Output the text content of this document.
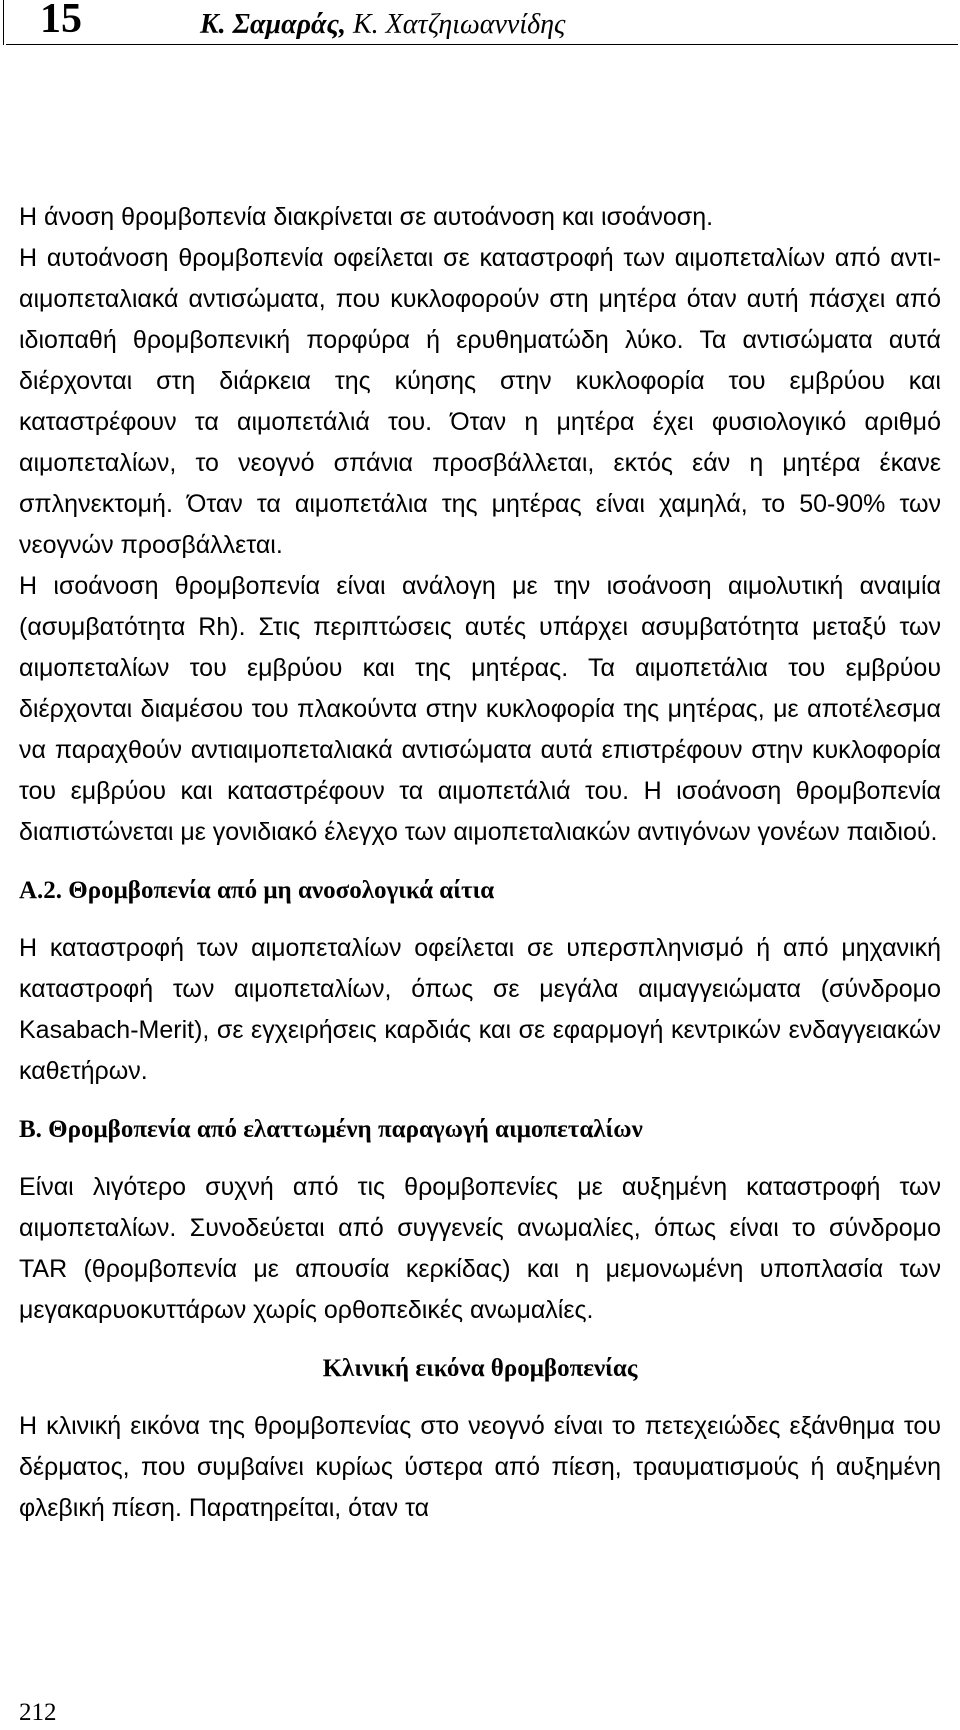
15	Κ. Σαμαράς, Κ. Χατζηιωαννίδης

Η άνοση θρομβοπενία διακρίνεται σε αυτοάνοση και ισοάνοση.

Η αυτοάνοση θρομβοπενία οφείλεται σε καταστροφή των αιμοπεταλίων από αντι-αιμοπεταλιακά αντισώματα, που κυκλοφορούν στη μητέρα όταν αυτή πάσχει από ιδιοπαθή θρομβοπενική πορφύρα ή ερυθηματώδη λύκο. Τα αντισώματα αυτά διέρχονται στη διάρκεια της κύησης στην κυκλοφορία του εμβρύου και καταστρέφουν τα αιμοπετάλιά του. Όταν η μητέρα έχει φυσιολογικό αριθμό αιμοπεταλίων, το νεογνό σπάνια προσβάλλεται, εκτός εάν η μητέρα έκανε σπληνεκτομή. Όταν τα αιμοπετάλια της μητέρας είναι χαμηλά, το 50-90% των νεογνών προσβάλλεται.

Η ισοάνοση θρομβοπενία είναι ανάλογη με την ισοάνοση αιμολυτική αναιμία (ασυμβατότητα Rh). Στις περιπτώσεις αυτές υπάρχει ασυμβατότητα μεταξύ των αιμοπεταλίων του εμβρύου και της μητέρας. Τα αιμοπετάλια του εμβρύου διέρχονται διαμέσου του πλακούντα στην κυκλοφορία της μητέρας, με αποτέλεσμα να παραχθούν αντιαιμοπεταλιακά αντισώματα αυτά επιστρέφουν στην κυκλοφορία του εμβρύου και καταστρέφουν τα αιμοπετάλιά του. Η ισοάνοση θρομβοπενία διαπιστώνεται με γονιδιακό έλεγχο των αιμοπεταλιακών αντιγόνων γονέων παιδιού.

Α.2. Θρομβοπενία από μη ανοσολογικά αίτια

Η καταστροφή των αιμοπεταλίων οφείλεται σε υπερσπληνισμό ή από μηχανική καταστροφή των αιμοπεταλίων, όπως σε μεγάλα αιμαγγειώματα (σύνδρομο Kasabach-Merit), σε εγχειρήσεις καρδιάς και σε εφαρμογή κεντρικών ενδαγγειακών καθετήρων.

Β. Θρομβοπενία από ελαττωμένη παραγωγή αιμοπεταλίων

Είναι λιγότερο συχνή από τις θρομβοπενίες με αυξημένη καταστροφή των αιμοπεταλίων. Συνοδεύεται από συγγενείς ανωμαλίες, όπως είναι το σύνδρομο TAR (θρομβοπενία με απουσία κερκίδας) και η μεμονωμένη υποπλασία των μεγακαρυοκυττάρων χωρίς ορθοπεδικές ανωμαλίες.

Κλινική εικόνα θρομβοπενίας

Η κλινική εικόνα της θρομβοπενίας στο νεογνό είναι το πετεχειώδες εξάνθημα του δέρματος, που συμβαίνει κυρίως ύστερα από πίεση, τραυματισμούς ή αυξημένη φλεβική πίεση. Παρατηρείται, όταν τα

212
